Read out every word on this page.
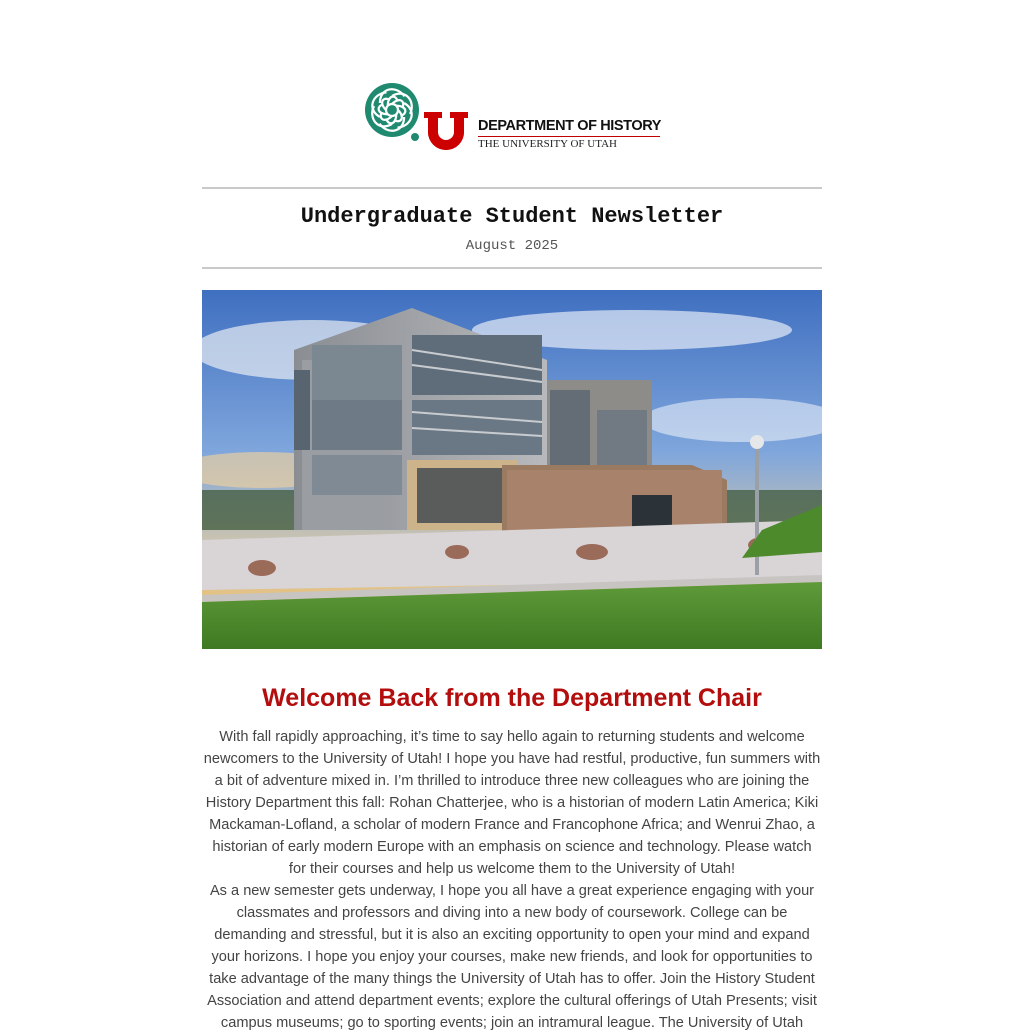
DEPARTMENT OF HISTORY
THE UNIVERSITY OF UTAH
Undergraduate Student Newsletter
August 2025
Welcome Back from the Department Chair

With fall rapidly approaching, it’s time to say hello again to returning students and welcome newcomers to the University of Utah! I hope you have had restful, productive, fun summers with a bit of adventure mixed in. I’m thrilled to introduce three new colleagues who are joining the History Department this fall: Rohan Chatterjee, who is a historian of modern Latin America; Kiki Mackaman-Lofland, a scholar of modern France and Francophone Africa; and Wenrui Zhao, a historian of early modern Europe with an emphasis on science and technology. Please watch for their courses and help us welcome them to the University of Utah!

As a new semester gets underway, I hope you all have a great experience engaging with your classmates and professors and diving into a new body of coursework. College can be demanding and stressful, but it is also an exciting opportunity to open your mind and expand your horizons. I hope you enjoy your courses, make new friends, and look for opportunities to take advantage of the many things the University of Utah has to offer. Join the History Student Association and attend department events; explore the cultural offerings of Utah Presents; visit campus museums; go to sporting events; join an intramural league. The University of Utah
